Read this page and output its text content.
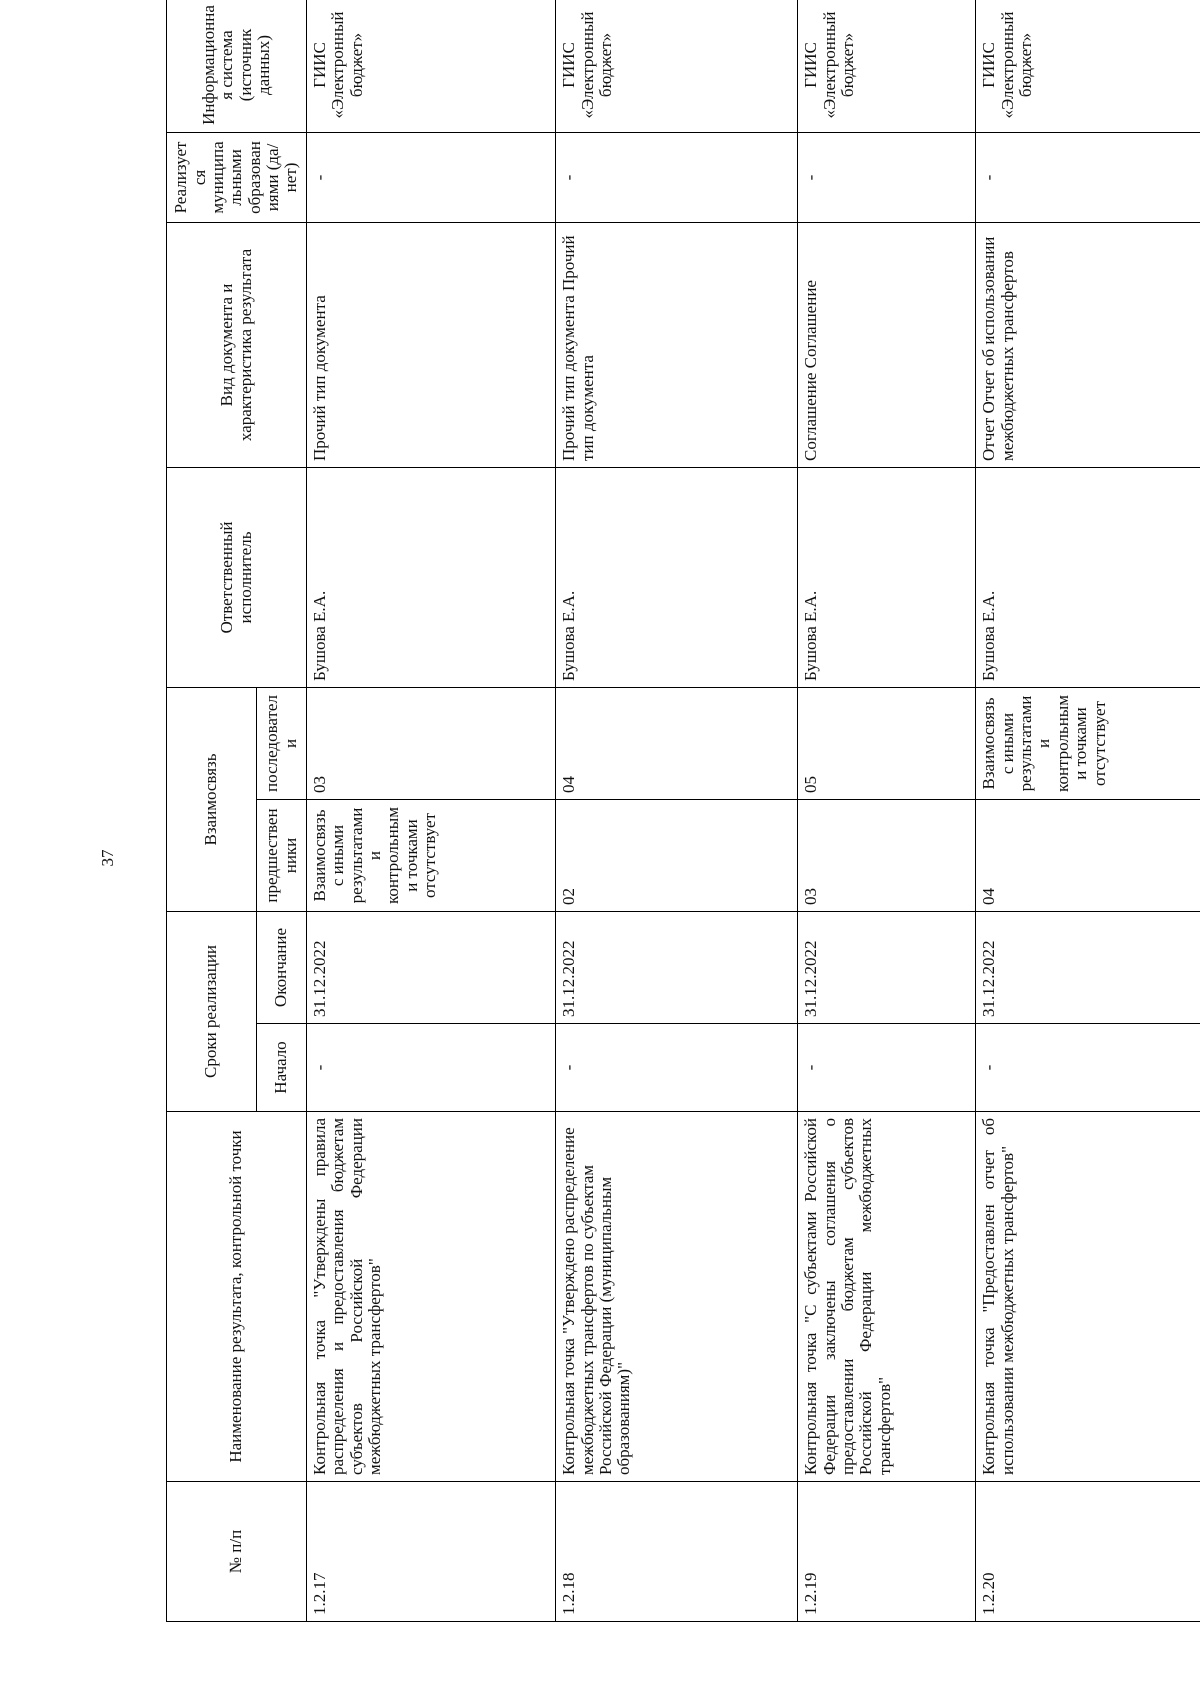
37
№ п/п	Наименование результата, контрольной точки	Сроки реализации		Взаимосвязь		Ответственный исполнитель	Вид документа и характеристика результата	Реализуется муниципальными образованиями (да/нет)	Информационная система (источник данных)
		Начало	Окончание	предшественники	последователи				
1.2.17	Контрольная точка "Утверждены правила распределения и предоставления бюджетам субъектов Российской Федерации межбюджетных трансфертов"	-	31.12.2022	Взаимосвязь с иными результатами и контрольными точками отсутствует	03	Бушова Е.А.	Прочий тип документа	-	ГИИС «Электронный бюджет»
1.2.18	Контрольная точка "Утверждено распределение межбюджетных трансфертов по субъектам Российской Федерации (муниципальным образованиям)"	-	31.12.2022	02	04	Бушова Е.А.	Прочий тип документа Прочий тип документа	-	ГИИС «Электронный бюджет»
1.2.19	Контрольная точка "С субъектами Российской Федерации заключены соглашения о предоставлении бюджетам субъектов Российской Федерации межбюджетных трансфертов"	-	31.12.2022	03	05	Бушова Е.А.	Соглашение Соглашение	-	ГИИС «Электронный бюджет»
1.2.20	Контрольная точка "Предоставлен отчет об использовании межбюджетных трансфертов"	-	31.12.2022	04	Взаимосвязь с иными результатами и контрольными точками отсутствует	Бушова Е.А.	Отчет Отчет об использовании межбюджетных трансфертов	-	ГИИС «Электронный бюджет»
